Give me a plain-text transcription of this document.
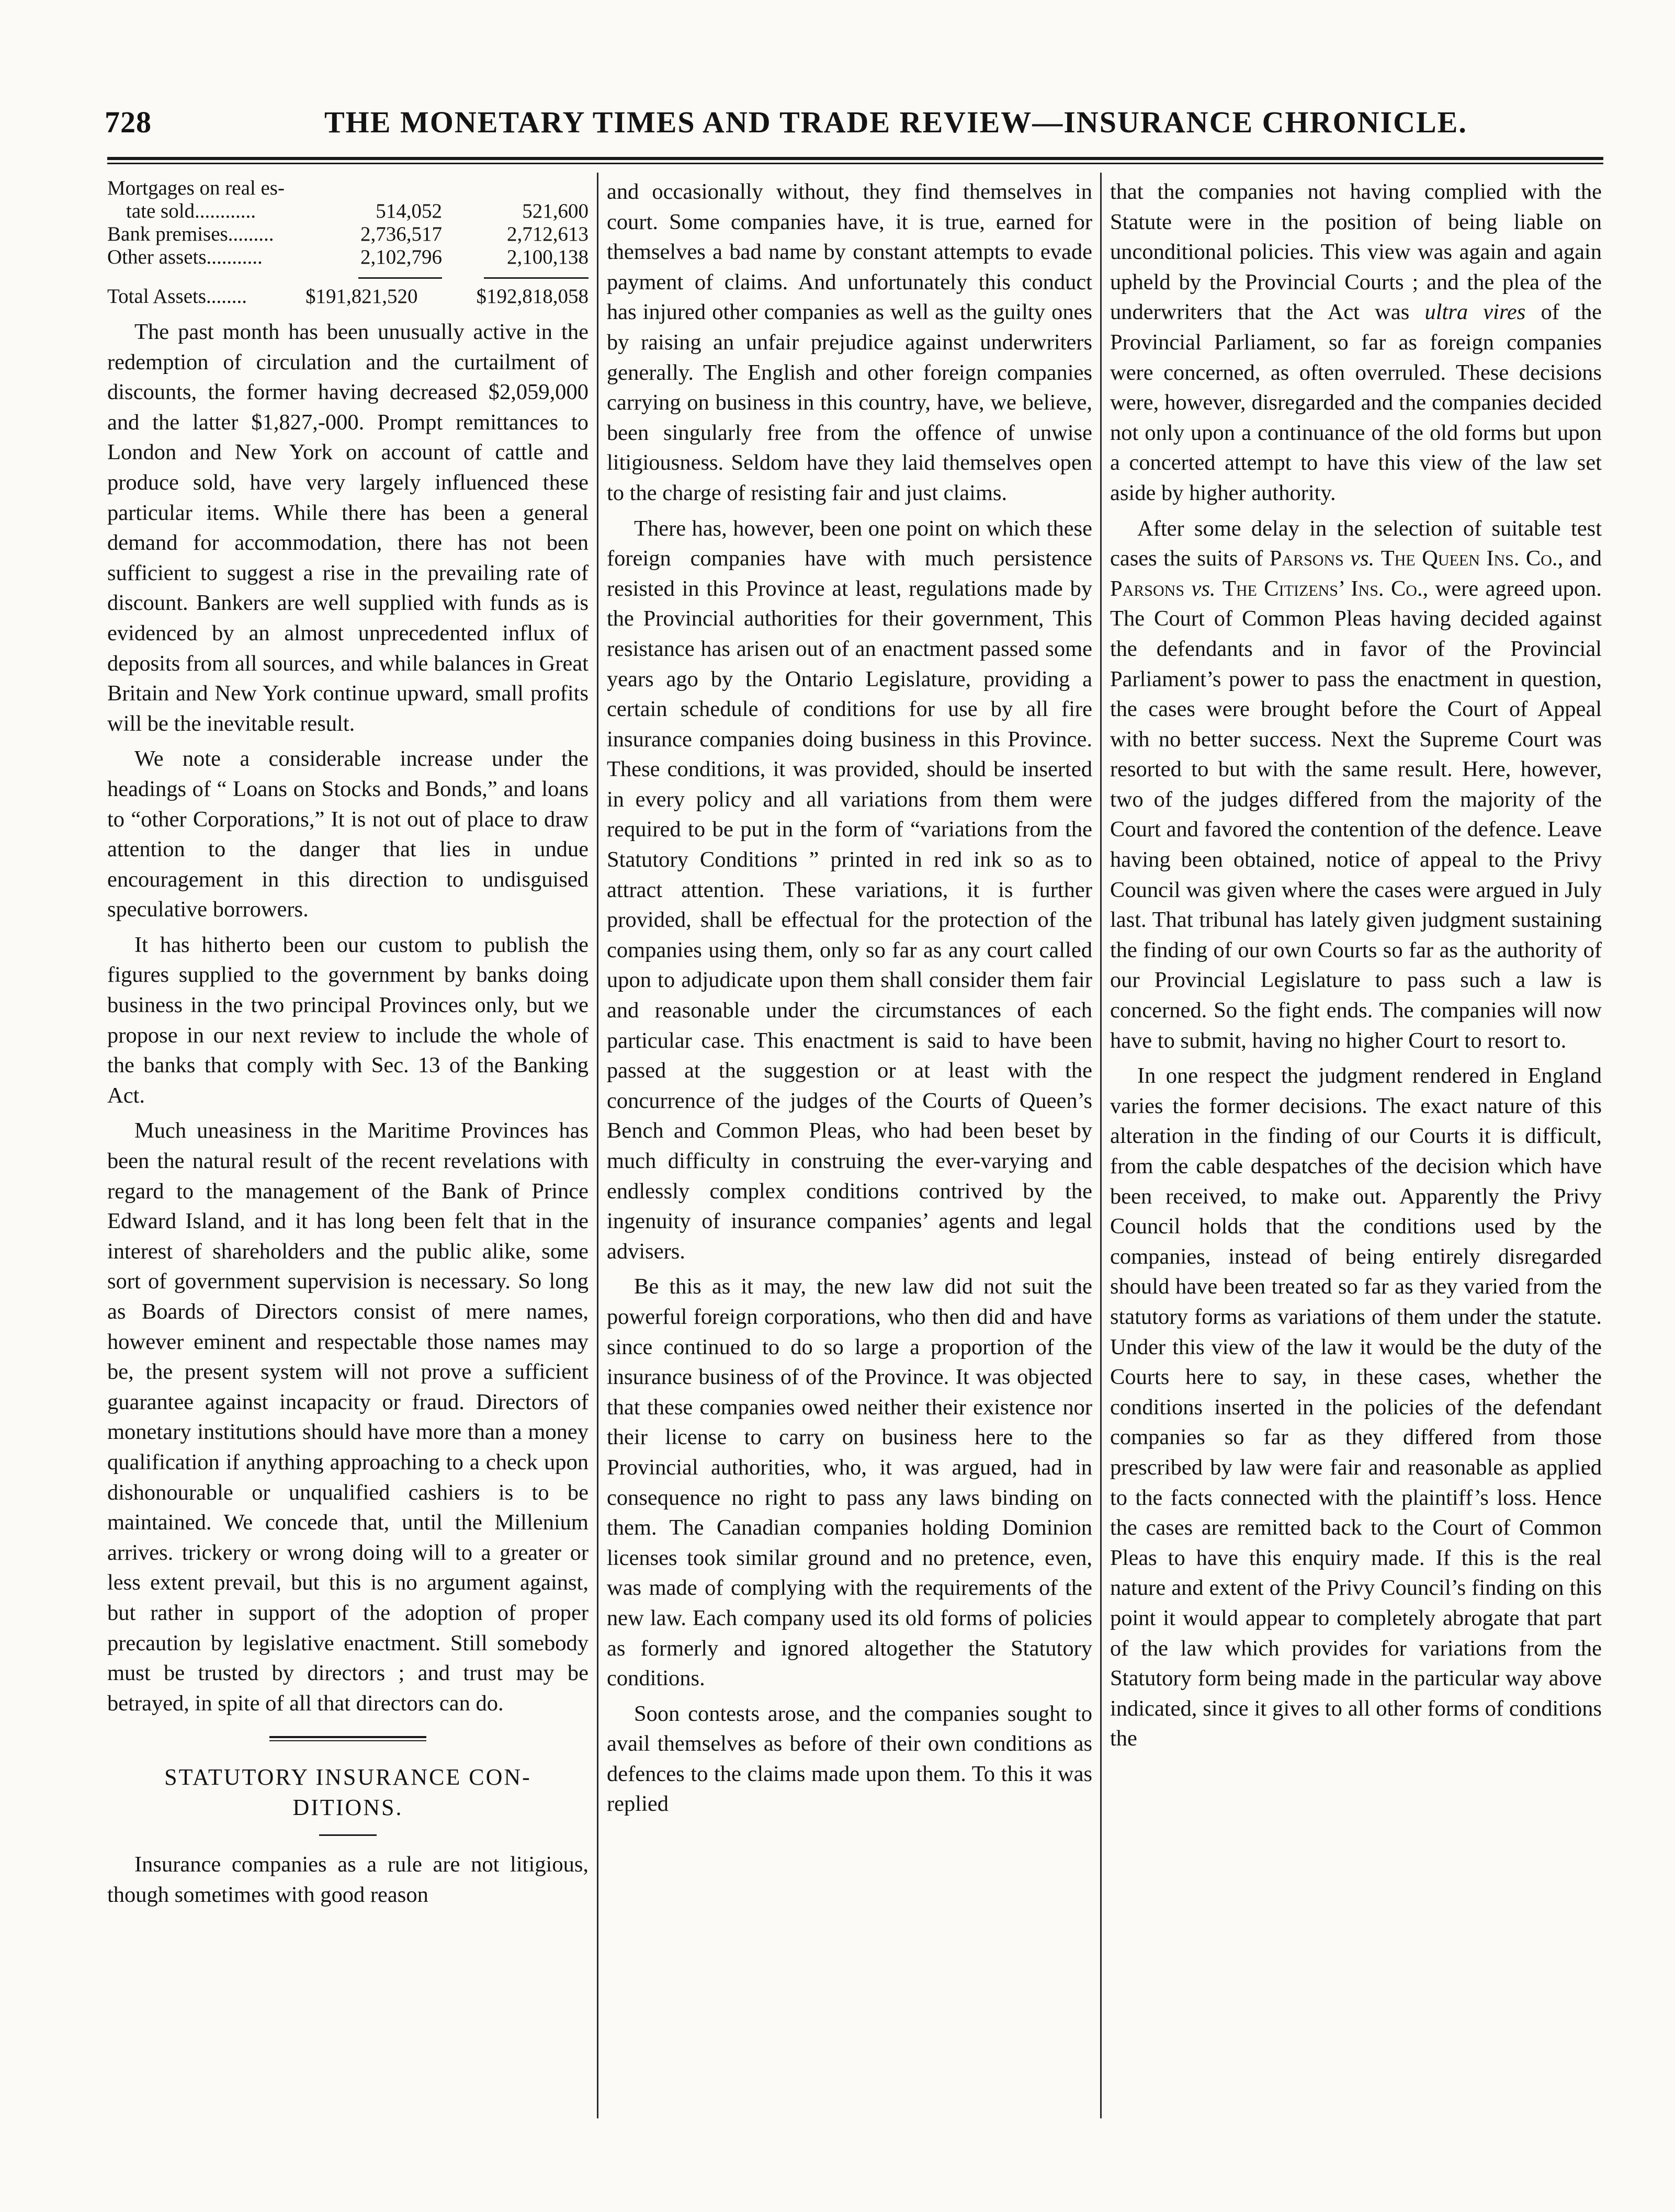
728	THE MONETARY TIMES AND TRADE REVIEW—INSURANCE CHRONICLE.
Mortgages on real es-		
tate sold............	514,052	521,600
Bank premises.........	2,736,517	2,712,613
Other assets...........	2,102,796	2,100,138
Total Assets........	$191,821,520	$192,818,058

The past month has been unusually active in the redemption of circulation and the curtailment of discounts, the former having decreased $2,059,000 and the latter $1,827,-000. Prompt remittances to London and New York on account of cattle and produce sold, have very largely influenced these particular items. While there has been a general demand for accommodation, there has not been sufficient to suggest a rise in the prevailing rate of discount. Bankers are well supplied with funds as is evidenced by an almost unprecedented influx of deposits from all sources, and while balances in Great Britain and New York continue upward, small profits will be the inevitable result.

We note a considerable increase under the headings of “ Loans on Stocks and Bonds,” and loans to “other Corporations,” It is not out of place to draw attention to the danger that lies in undue encouragement in this direction to undisguised speculative borrowers.

It has hitherto been our custom to publish the figures supplied to the government by banks doing business in the two principal Provinces only, but we propose in our next review to include the whole of the banks that comply with Sec. 13 of the Banking Act.

Much uneasiness in the Maritime Provinces has been the natural result of the recent revelations with regard to the management of the Bank of Prince Edward Island, and it has long been felt that in the interest of shareholders and the public alike, some sort of government supervision is necessary. So long as Boards of Directors consist of mere names, however eminent and respectable those names may be, the present system will not prove a sufficient guarantee against incapacity or fraud. Directors of monetary institutions should have more than a money qualification if anything approaching to a check upon dishonourable or unqualified cashiers is to be maintained. We concede that, until the Millenium arrives. trickery or wrong doing will to a greater or less extent prevail, but this is no argument against, but rather in support of the adoption of proper precaution by legislative enactment. Still somebody must be trusted by directors ; and trust may be betrayed, in spite of all that directors can do.

STATUTORY INSURANCE CON-
DITIONS.

Insurance companies as a rule are not litigious, though sometimes with good reason

and occasionally without, they find themselves in court. Some companies have, it is true, earned for themselves a bad name by constant attempts to evade payment of claims. And unfortunately this conduct has injured other companies as well as the guilty ones by raising an unfair prejudice against underwriters generally. The English and other foreign companies carrying on business in this country, have, we believe, been singularly free from the offence of unwise litigiousness. Seldom have they laid themselves open to the charge of resisting fair and just claims.

There has, however, been one point on which these foreign companies have with much persistence resisted in this Province at least, regulations made by the Provincial authorities for their government, This resistance has arisen out of an enactment passed some years ago by the Ontario Legislature, providing a certain schedule of conditions for use by all fire insurance companies doing business in this Province. These conditions, it was provided, should be inserted in every policy and all variations from them were required to be put in the form of “variations from the Statutory Conditions ” printed in red ink so as to attract attention. These variations, it is further provided, shall be effectual for the protection of the companies using them, only so far as any court called upon to adjudicate upon them shall consider them fair and reasonable under the circumstances of each particular case. This enactment is said to have been passed at the suggestion or at least with the concurrence of the judges of the Courts of Queen’s Bench and Common Pleas, who had been beset by much difficulty in construing the ever-varying and endlessly complex conditions contrived by the ingenuity of insurance companies’ agents and legal advisers.

Be this as it may, the new law did not suit the powerful foreign corporations, who then did and have since continued to do so large a proportion of the insurance business of of the Province. It was objected that these companies owed neither their existence nor their license to carry on business here to the Provincial authorities, who, it was argued, had in consequence no right to pass any laws binding on them. The Canadian companies holding Dominion licenses took similar ground and no pretence, even, was made of complying with the requirements of the new law. Each company used its old forms of policies as formerly and ignored altogether the Statutory conditions.

Soon contests arose, and the companies sought to avail themselves as before of their own conditions as defences to the claims made upon them. To this it was replied

that the companies not having complied with the Statute were in the position of being liable on unconditional policies. This view was again and again upheld by the Provincial Courts ; and the plea of the underwriters that the Act was ultra vires of the Provincial Parliament, so far as foreign companies were concerned, as often overruled. These decisions were, however, disregarded and the companies decided not only upon a continuance of the old forms but upon a concerted attempt to have this view of the law set aside by higher authority.

After some delay in the selection of suitable test cases the suits of Parsons vs. The Queen Ins. Co., and Parsons vs. The Citizens’ Ins. Co., were agreed upon. The Court of Common Pleas having decided against the defendants and in favor of the Provincial Parliament’s power to pass the enactment in question, the cases were brought before the Court of Appeal with no better success. Next the Supreme Court was resorted to but with the same result. Here, however, two of the judges differed from the majority of the Court and favored the contention of the defence. Leave having been obtained, notice of appeal to the Privy Council was given where the cases were argued in July last. That tribunal has lately given judgment sustaining the finding of our own Courts so far as the authority of our Provincial Legislature to pass such a law is concerned. So the fight ends. The companies will now have to submit, having no higher Court to resort to.

In one respect the judgment rendered in England varies the former decisions. The exact nature of this alteration in the finding of our Courts it is difficult, from the cable despatches of the decision which have been received, to make out. Apparently the Privy Council holds that the conditions used by the companies, instead of being entirely disregarded should have been treated so far as they varied from the statutory forms as variations of them under the statute. Under this view of the law it would be the duty of the Courts here to say, in these cases, whether the conditions inserted in the policies of the defendant companies so far as they differed from those prescribed by law were fair and reasonable as applied to the facts connected with the plaintiff’s loss. Hence the cases are remitted back to the Court of Common Pleas to have this enquiry made. If this is the real nature and extent of the Privy Council’s finding on this point it would appear to completely abrogate that part of the law which provides for variations from the Statutory form being made in the particular way above indicated, since it gives to all other forms of conditions the
